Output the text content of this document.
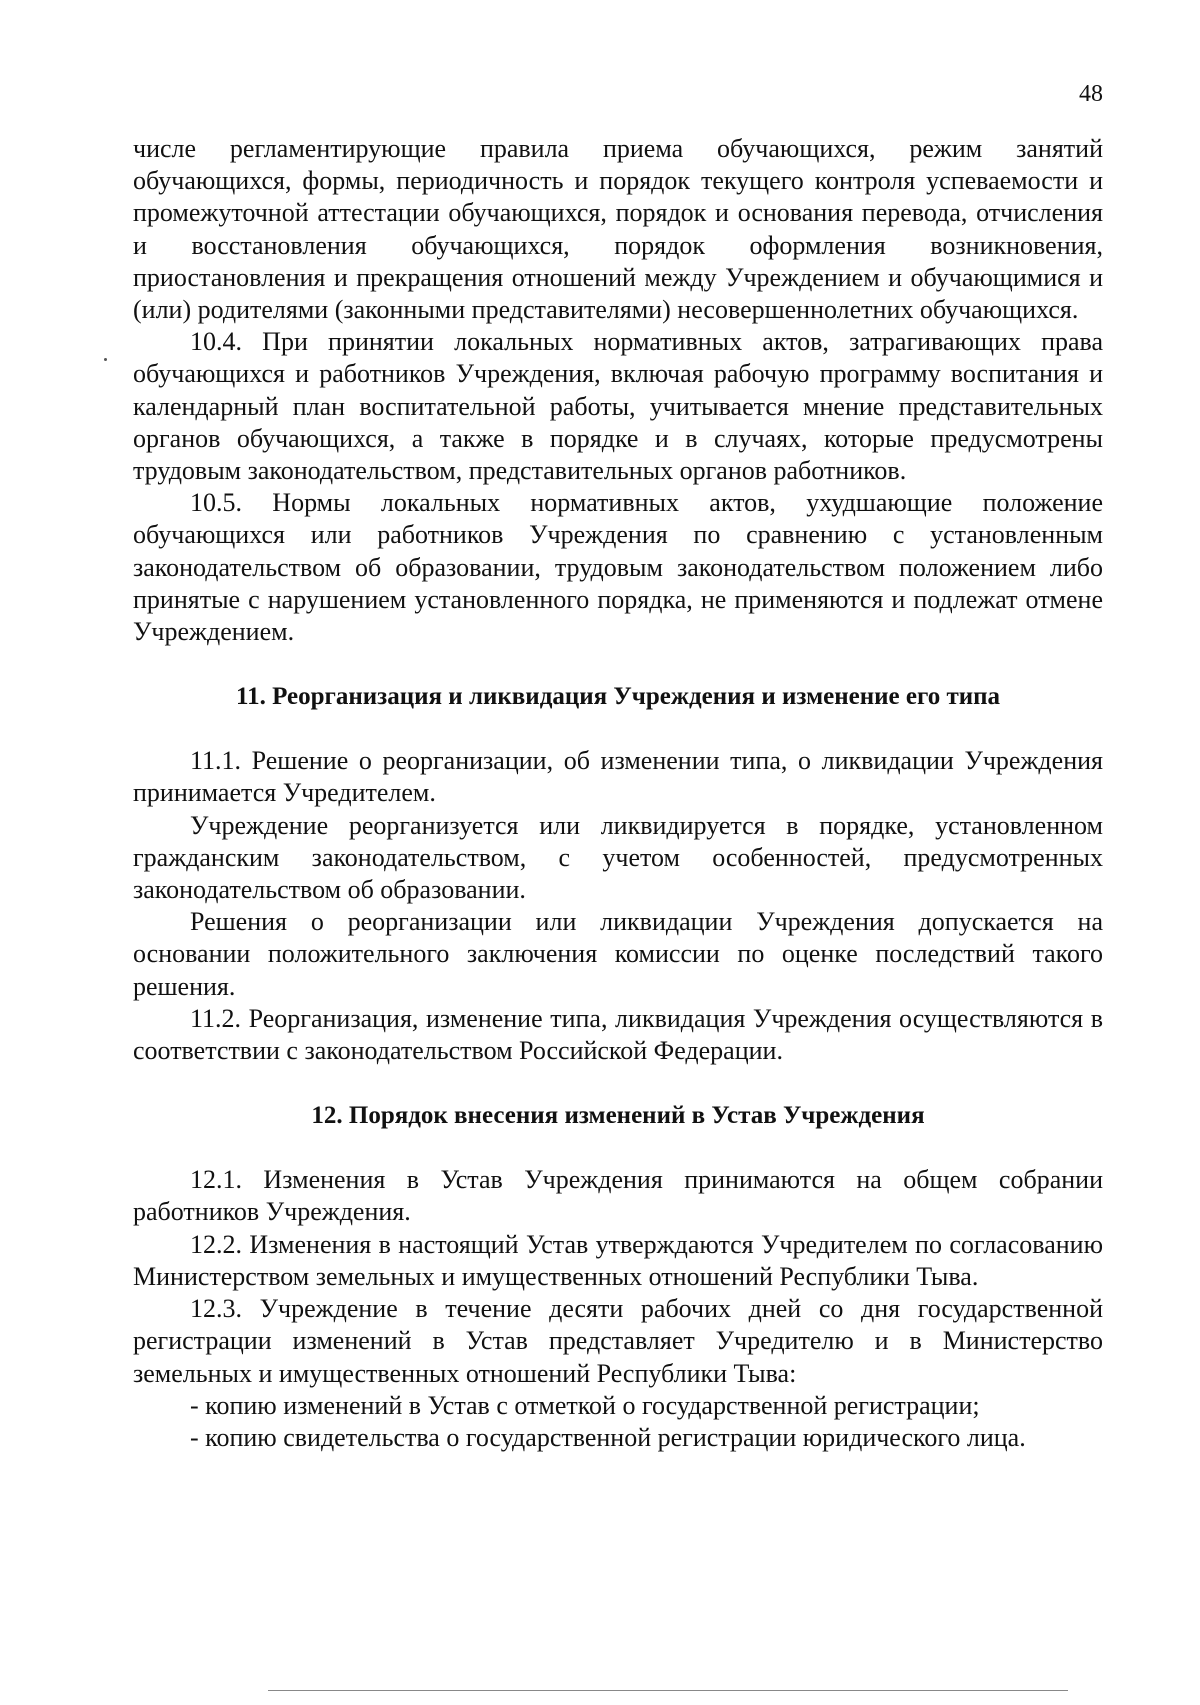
48

числе регламентирующие правила приема обучающихся, режим занятий обучающихся, формы, периодичность и порядок текущего контроля успеваемости и промежуточной аттестации обучающихся, порядок и основания перевода, отчисления и восстановления обучающихся, порядок оформления возникновения, приостановления и прекращения отношений между Учреждением и обучающимися и (или) родителями (законными представителями) несовершеннолетних обучающихся.

10.4. При принятии локальных нормативных актов, затрагивающих права обучающихся и работников Учреждения, включая рабочую программу воспитания и календарный план воспитательной работы, учитывается мнение представительных органов обучающихся, а также в порядке и в случаях, которые предусмотрены трудовым законодательством, представительных органов работников.

10.5. Нормы локальных нормативных актов, ухудшающие положение обучающихся или работников Учреждения по сравнению с установленным законодательством об образовании, трудовым законодательством положением либо принятые с нарушением установленного порядка, не применяются и подлежат отмене Учреждением.

11. Реорганизация и ликвидация Учреждения и изменение его типа

11.1. Решение о реорганизации, об изменении типа, о ликвидации Учреждения принимается Учредителем.

Учреждение реорганизуется или ликвидируется в порядке, установленном гражданским законодательством, с учетом особенностей, предусмотренных законодательством об образовании.

Решения о реорганизации или ликвидации Учреждения допускается на основании положительного заключения комиссии по оценке последствий такого решения.

11.2. Реорганизация, изменение типа, ликвидация Учреждения осуществляются в соответствии с законодательством Российской Федерации.

12. Порядок внесения изменений в Устав Учреждения

12.1. Изменения в Устав Учреждения принимаются на общем собрании работников Учреждения.

12.2. Изменения в настоящий Устав утверждаются Учредителем по согласованию Министерством земельных и имущественных отношений Республики Тыва.

12.3. Учреждение в течение десяти рабочих дней со дня государственной регистрации изменений в Устав представляет Учредителю и в Министерство земельных и имущественных отношений Республики Тыва:

- копию изменений в Устав с отметкой о государственной регистрации;

- копию свидетельства о государственной регистрации юридического лица.
